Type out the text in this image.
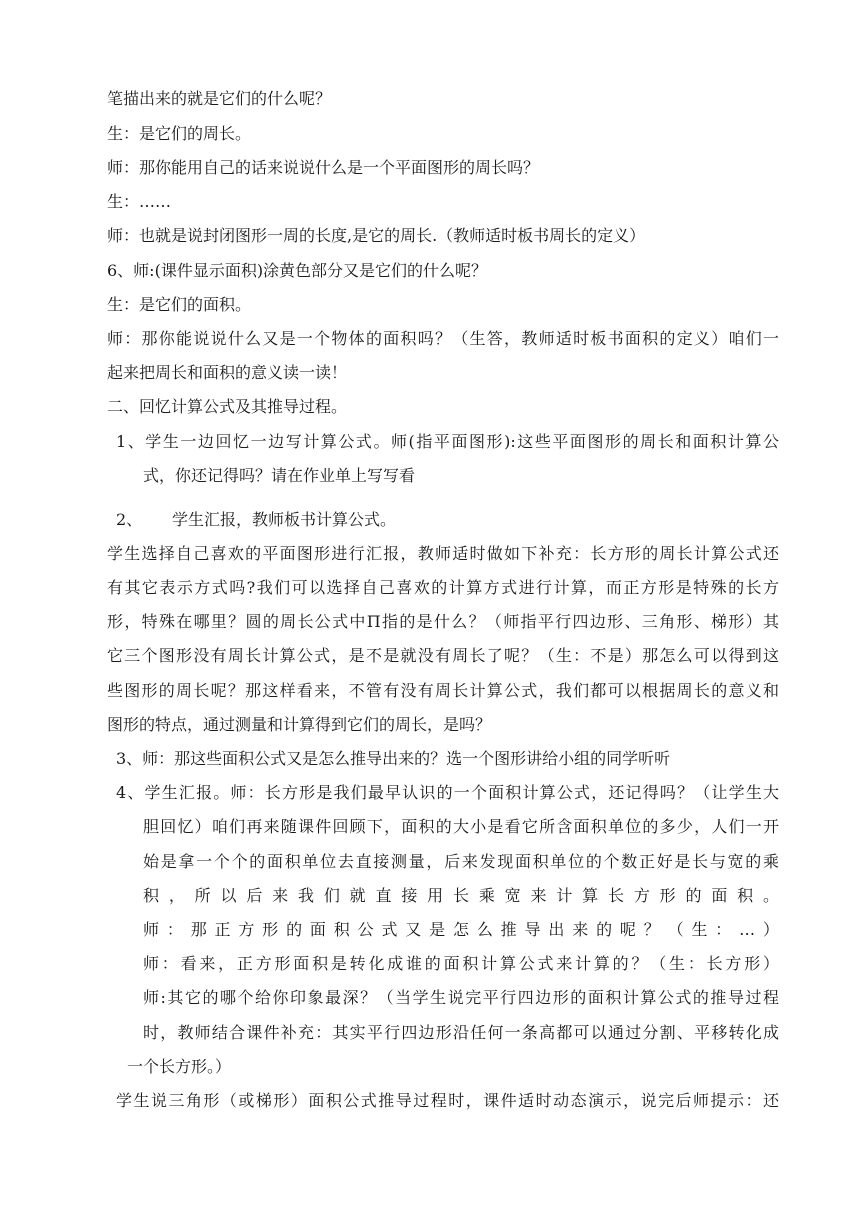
笔描出来的就是它们的什么呢？
生：是它们的周长。
师：那你能用自己的话来说说什么是一个平面图形的周长吗？
生：……
师：也就是说封闭图形一周的长度,是它的周长.（教师适时板书周长的定义）
6、师:(课件显示面积)涂黄色部分又是它们的什么呢？
生：是它们的面积。
师：那你能说说什么又是一个物体的面积吗？（生答，教师适时板书面积的定义）咱们一
起来把周长和面积的意义读一读！
二、回忆计算公式及其推导过程。
1、学生一边回忆一边写计算公式。师(指平面图形):这些平面图形的周长和面积计算公
式，你还记得吗？请在作业单上写写看
2、 学生汇报，教师板书计算公式。
学生选择自己喜欢的平面图形进行汇报，教师适时做如下补充：长方形的周长计算公式还
有其它表示方式吗?我们可以选择自己喜欢的计算方式进行计算，而正方形是特殊的长方
形，特殊在哪里？圆的周长公式中Π指的是什么？（师指平行四边形、三角形、梯形）其
它三个图形没有周长计算公式，是不是就没有周长了呢？（生：不是）那怎么可以得到这
些图形的周长呢？那这样看来，不管有没有周长计算公式，我们都可以根据周长的意义和
图形的特点，通过测量和计算得到它们的周长，是吗？
3、师：那这些面积公式又是怎么推导出来的？选一个图形讲给小组的同学听听
4、学生汇报。师：长方形是我们最早认识的一个面积计算公式，还记得吗？（让学生大
胆回忆）咱们再来随课件回顾下，面积的大小是看它所含面积单位的多少，人们一开
始是拿一个个的面积单位去直接测量，后来发现面积单位的个数正好是长与宽的乘
积，所以后来我们就直接用长乘宽来计算长方形的面积。
师：那正方形的面积公式又是怎么推导出来的呢？（生：…）
师：看来，正方形面积是转化成谁的面积计算公式来计算的？（生：长方形）
师:其它的哪个给你印象最深？（当学生说完平行四边形的面积计算公式的推导过程
时，教师结合课件补充：其实平行四边形沿任何一条高都可以通过分割、平移转化成
一个长方形。）
学生说三角形（或梯形）面积公式推导过程时，课件适时动态演示，说完后师提示：还
